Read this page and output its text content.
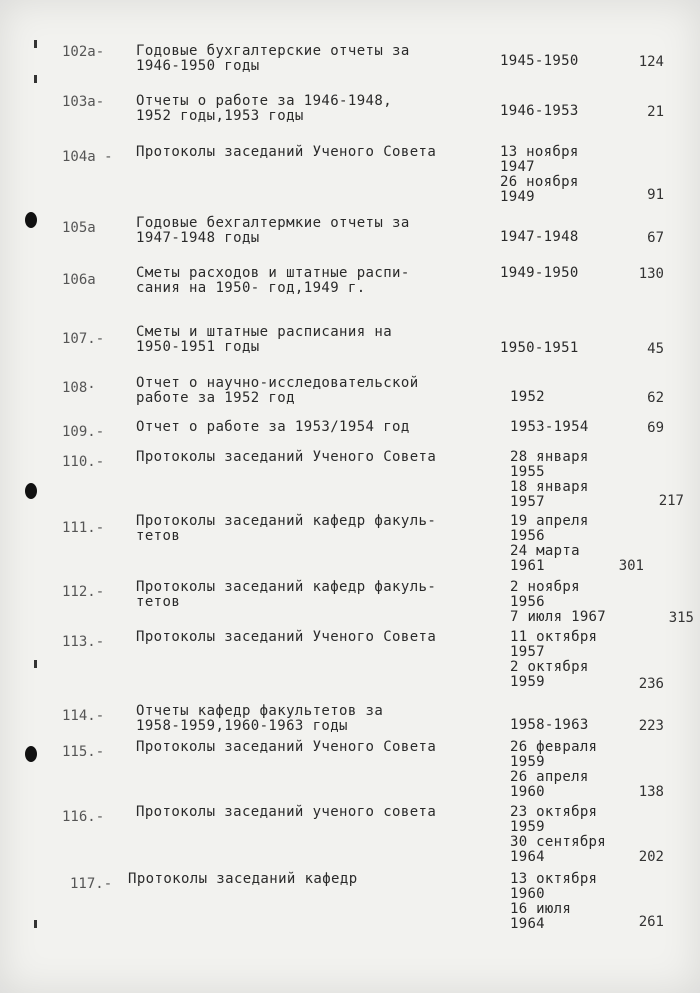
102a- Годовые бухгалтерские отчеты за
1946-1950 годы	1945-1950	124
103a- Отчеты о работе за 1946-1948,
1952 годы,1953 годы	1946-1953	21
104a - Протоколы заседаний Ученого Совета	13 ноября
1947
26 ноября
1949	91
105a	Годовые бехгалтермкие отчеты за
1947-1948 годы	1947-1948	67
106a	Сметы расходов и штатные распи-
сания на 1950- год,1949 г.
1949-1950	130
107.- Сметы и штатные расписания на
1950-1951 годы	1950-1951	45
108·	Отчет о научно-исследовательской
работе за 1952 год	1952	62
109.- Отчет о работе за 1953/1954 год	1953-1954	69
110.- Протоколы заседаний Ученого Совета	28 января
1955
18 января
1957	217
111.- Протоколы заседаний кафедр факуль-
тетов
19 апреля
1956
24 марта
1961	301
112.- Протоколы заседаний кафедр факуль-
тетов
2 ноября
1956
7 июля 1967	315
113.- Протоколы заседаний Ученого Совета	11 октября
1957
2 октября
1959	236
114.- Отчеты кафедр факультетов за
1958-1959,1960-1963 годы	1958-1963	223
115.- Протоколы заседаний Ученого Совета	26 февраля
1959
26 апреля
1960	138
116.- Протоколы заседаний ученого совета	23 октября
1959
30 сентября
1964	202
117.- Протоколы заседаний кафедр	13 октября
1960
16 июля
1964	261
